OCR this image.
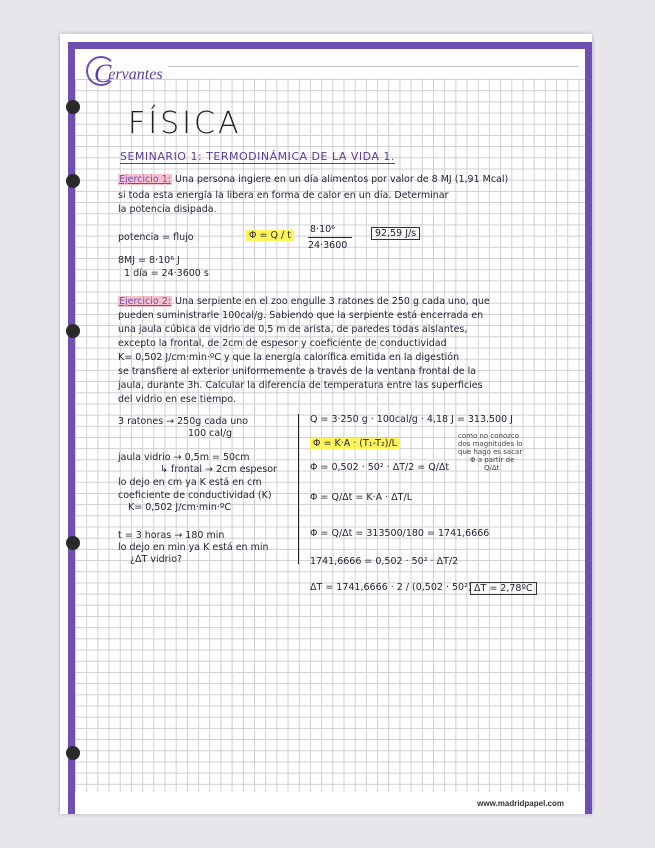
Cervantes
FÍSICA
SEMINARIO 1: TERMODINÁMICA DE LA VIDA 1.
Ejercicio 1: Una persona ingiere en un día alimentos por valor de 8 MJ (1,91 Mcal)
si toda esta energía la libera en forma de calor en un día. Determinar
la potencia disipada.
potencia = flujo	Φ = Q / t
8·10⁶
24·3600
92,59 J/s
8MJ = 8·10⁶ J
1 día = 24·3600 s
Ejercicio 2: Una serpiente en el zoo engulle 3 ratones de 250 g cada uno, que
pueden suministrarle 100cal/g. Sabiendo que la serpiente está encerrada en
una jaula cúbica de vidrio de 0,5 m de arista, de paredes todas aislantes,
excepto la frontal, de 2cm de espesor y coeficiente de conductividad
K= 0,502 J/cm·min·ºC y que la energía calorífica emitida en la digestión
se transfiere al exterior uniformemente a través de la ventana frontal de la
jaula, durante 3h. Calcular la diferencia de temperatura entre las superficies
del vidrio en ese tiempo.
3 ratones → 250g cada uno
100 cal/g
jaula vidrio → 0,5m = 50cm
↳ frontal → 2cm espesor
lo dejo en cm ya K está en cm
coeficiente de conductividad (K)
K= 0,502 J/cm·min·ºC
t = 3 horas → 180 min
lo dejo en min ya K está en min
¿ΔT vidrio?
Q = 3·250 g · 100cal/g · 4,18 J = 313.500 J
Φ = K·A · (T₁-T₂)/L
Φ = 0,502 · 50² · ΔT/2 = Q/Δt
Φ = Q/Δt = K·A · ΔT/L
Φ = Q/Δt = 313500/180 = 1741,6666
1741,6666 = 0,502 · 50² · ΔT/2
ΔT = 1741,6666 · 2 / (0,502 · 50²) ΔT = 2,78ºC
como no conozco
dos magnitudes lo
que hago es sacar
Φ a partir de
Q/Δt
www.madridpapel.com
